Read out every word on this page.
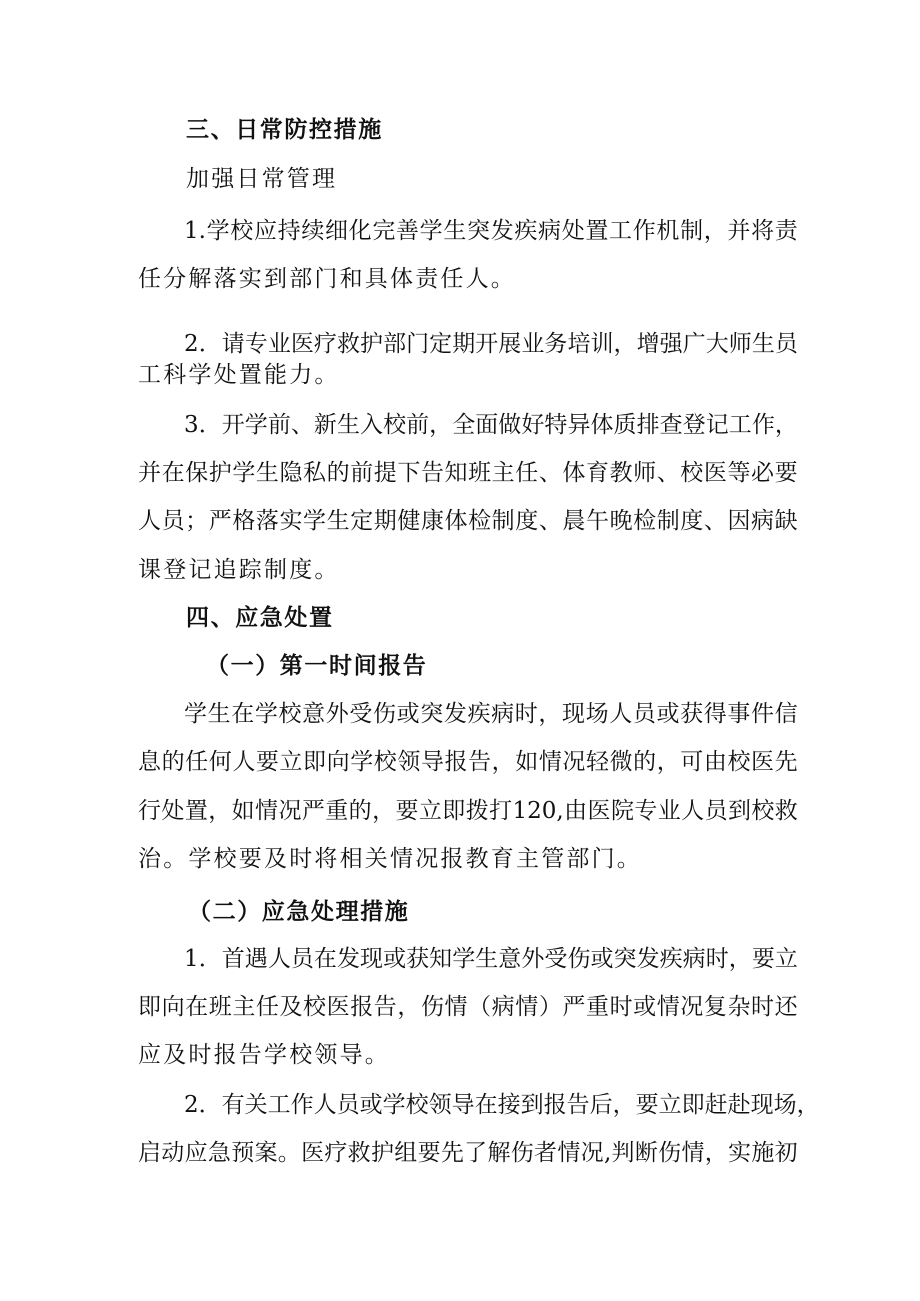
三、日常防控措施
加强日常管理
1. 学 校 应 持 续 细 化 完 善 学 生 突 发 疾 病 处 置 工 作 机 制 ， 并 将 责
任分解落实到部门和具体责任人。
2 ． 请 专 业 医 疗 救 护 部 门 定 期 开 展 业 务 培 训 ， 增 强 广 大 师 生 员
工科学处置能力。
3 ． 开 学 前 、 新 生 入 校 前 ， 全 面 做 好 特 异 体 质 排 查 登 记 工 作 ，
并 在 保 护 学 生 隐 私 的 前 提 下 告 知 班 主 任 、 体 育 教 师 、 校 医 等 必 要
人 员 ； 严 格 落 实 学 生 定 期 健 康 体 检 制 度 、 晨 午 晚 检 制 度 、 因 病 缺
课登记追踪制度。
四、应急处置
（一）第一时间报告
学 生 在 学 校 意 外 受 伤 或 突 发 疾 病 时 ， 现 场 人 员 或 获 得 事 件 信
息 的 任 何 人 要 立 即 向 学 校 领 导 报 告 ， 如 情 况 轻 微 的 ， 可 由 校 医 先
行 处 置 ， 如 情 况 严 重 的 ， 要 立 即 拨 打 120, 由 医 院 专 业 人 员 到 校 救
治。学校要及时将相关情况报教育主管部门。
（二）应急处理措施
1 ． 首 遇 人 员 在 发 现 或 获 知 学 生 意 外 受 伤 或 突 发 疾 病 时 ， 要 立
即 向 在 班 主 任 及 校 医 报 告 ， 伤 情 （ 病 情 ） 严 重 时 或 情 况 复 杂 时 还
应及时报告学校领导。
2 ． 有 关 工 作 人 员 或 学 校 领 导 在 接 到 报 告 后 ， 要 立 即 赶 赴 现 场 ，
启 动 应 急 预 案 。 医 疗 救 护 组 要 先 了 解 伤 者 情 况 , 判 断 伤 情 ， 实 施 初
